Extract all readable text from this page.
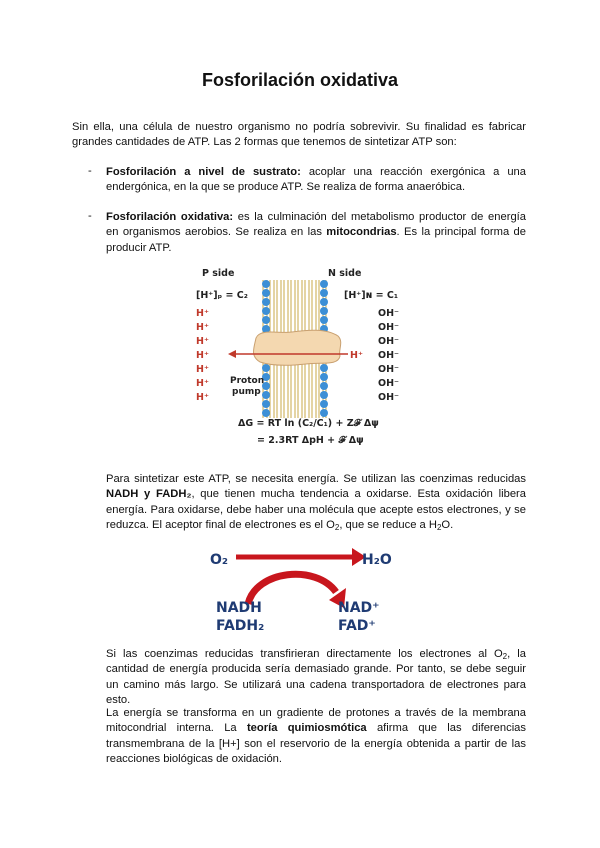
Fosforilación oxidativa
Sin ella, una célula de nuestro organismo no podría sobrevivir. Su finalidad es fabricar grandes cantidades de ATP. Las 2 formas que tenemos de sintetizar ATP son:
- Fosforilación a nivel de sustrato: acoplar una reacción exergónica a una endergónica, en la que se produce ATP. Se realiza de forma anaeróbica.
- Fosforilación oxidativa: es la culminación del metabolismo productor de energía en organismos aerobios. Se realiza en las mitocondrias. Es la principal forma de producir ATP.
P side	N side
[H⁺]ₚ = C₂	[H⁺]ɴ = C₁
H⁺
H⁺
H⁺
H⁺
H⁺
H⁺
H⁺
H⁺
OH⁻
OH⁻
OH⁻
OH⁻
OH⁻
OH⁻
OH⁻
Proton
pump
ΔG = RT ln (C₂/C₁) + Z𝓕 Δψ
= 2.3RT ΔpH + 𝓕 Δψ
Para sintetizar este ATP, se necesita energía. Se utilizan las coenzimas reducidas NADH y FADH₂, que tienen mucha tendencia a oxidarse. Esta oxidación libera energía. Para oxidarse, debe haber una molécula que acepte estos electrones, y se reduzca. El aceptor final de electrones es el $O_2$, que se reduce a $H_2O$.
O₂	H₂O
NADH
FADH₂
NAD⁺
FAD⁺
Si las coenzimas reducidas transfirieran directamente los electrones al $O_2$, la cantidad de energía producida sería demasiado grande. Por tanto, se debe seguir un camino más largo. Se utilizará una cadena transportadora de electrones para esto.
La energía se transforma en un gradiente de protones a través de la membrana mitocondrial interna. La teoría quimiosmótica afirma que las diferencias transmembrana de la [H+] son el reservorio de la energía obtenida a partir de las reacciones biológicas de oxidación.
